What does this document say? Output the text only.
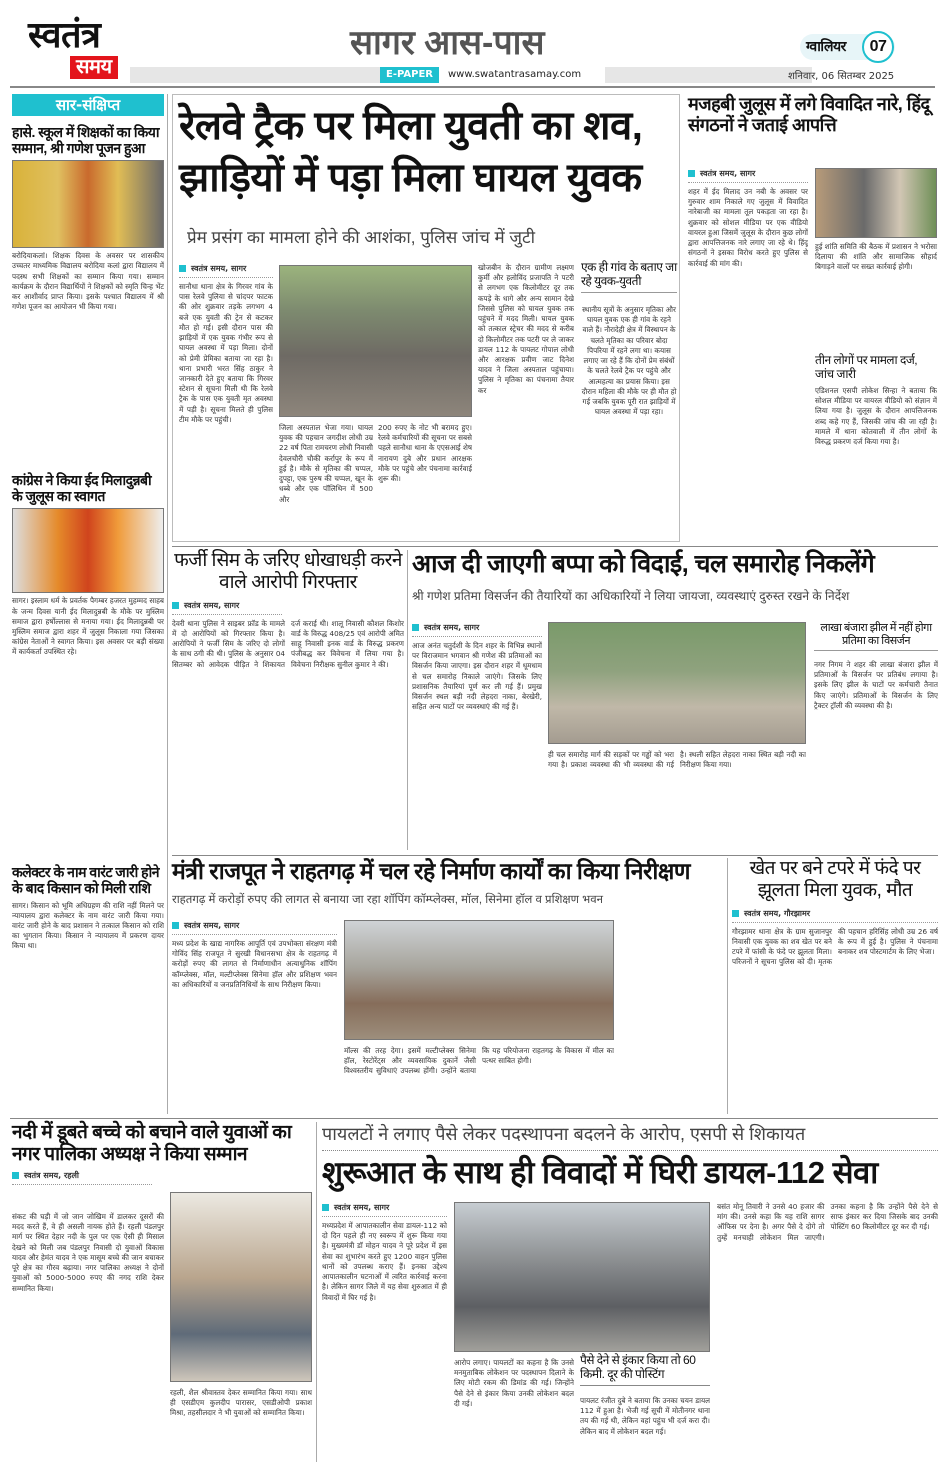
स्वतंत्र
समय
सागर आस-पास
E-PAPER	www.swatantrasamay.com
ग्वालियर	07
शनिवार, 06 सितम्बर 2025
सार-संक्षिप्त
हासे. स्कूल में शिक्षकों का किया सम्मान, श्री गणेश पूजन हुआ
बरोदियाकलां। शिक्षक दिवस के अवसर पर शासकीय उच्चतर माध्यमिक विद्यालय बरोदिया कलां द्वारा विद्यालय में पदस्थ सभी शिक्षकों का सम्मान किया गया। सम्मान कार्यक्रम के दौरान विद्यार्थियों ने शिक्षकों को स्मृति चिन्ह भेंट कर आशीर्वाद प्राप्त किया। इसके पश्चात विद्यालय में श्री गणेश पूजन का आयोजन भी किया गया।
कांग्रेस ने किया ईद मिलादुन्नबी के जुलूस का स्वागत
सागर। इस्लाम धर्म के प्रवर्तक पैगम्बर हजरत मुहम्मद साहब के जन्म दिवस यानी ईद मिलादुन्नबी के मौके पर मुस्लिम समाज द्वारा हर्षोल्लास से मनाया गया। ईद मिलादुन्नबी पर मुस्लिम समाज द्वारा शहर में जुलूस निकाला गया जिसका कांग्रेस नेताओं ने स्वागत किया। इस अवसर पर बड़ी संख्या में कार्यकर्ता उपस्थित रहे।
कलेक्टर के नाम वारंट जारी होने के बाद किसान को मिली राशि
सागर। किसान को भूमि अधिग्रहण की राशि नहीं मिलने पर न्यायालय द्वारा कलेक्टर के नाम वारंट जारी किया गया। वारंट जारी होने के बाद प्रशासन ने तत्काल किसान को राशि का भुगतान किया। किसान ने न्यायालय में प्रकरण दायर किया था।
रेलवे ट्रैक पर मिला युवती का शव,
झाड़ियों में पड़ा मिला घायल युवक
प्रेम प्रसंग का मामला होने की आशंका, पुलिस जांच में जुटी
स्वतंत्र समय, सागर
सानौधा थाना क्षेत्र के गिरवर गांव के पास रेलवे पुलिया से चांदपर फाटक की ओर शुक्रवार तड़के लगभग 4 बजे एक युवती की ट्रेन से कटकर मौत हो गई। इसी दौरान पास की झाड़ियों में एक युवक गंभीर रूप से घायल अवस्था में पड़ा मिला। दोनों को प्रेमी प्रेमिका बताया जा रहा है। थाना प्रभारी भरत सिंह ठाकुर ने जानकारी देते हुए बताया कि गिरवर स्टेशन से सूचना मिली थी कि रेलवे ट्रैक के पास एक युवती मृत अवस्था में पड़ी है। सूचना मिलते ही पुलिस टीम मौके पर पहुंची।
जिला अस्पताल भेजा गया। घायल युवक की पहचान जगदीश लोधी उम्र 22 वर्ष पिता रामचरण लोधी निवासी देवलचौरी चौकी कर्रापुर के रूप में हुई है। मौके से मृतिका की चप्पल, दुपट्टा, एक पुरुष की चप्पल, खून के धब्बे और एक पॉलिथिन में 500 और
200 रुपए के नोट भी बरामद हुए। रेलवे कर्मचारियों की सूचना पर सबसे पहले सानौधा थाना के एएसआई शेष नारायण दुबे और प्रधान आरक्षक मौके पर पहुंचे और पंचनामा कार्रवाई शुरू की।
खोजबीन के दौरान ग्रामीण लक्ष्मण कुर्मी और हलोविंद प्रजापति ने पटरी से लगभग एक किलोमीटर दूर तक कपड़े के धागे और अन्य सामान देखे जिससे पुलिस को घायल युवक तक पहुंचने में मदद मिली। घायल युवक को तत्काल स्ट्रेचर की मदद से करीब दो किलोमीटर तक पटरी पर ले जाकर डायल 112 के पायलट गोपाल लोधी और आरक्षक प्रवीण जाट दिनेश यादव ने जिला अस्पताल पहुंचाया। पुलिस ने मृतिका का पंचनामा तैयार कर
एक ही गांव के बताए जा रहे युवक-युवती
स्थानीय सूत्रों के अनुसार मृतिका और घायल युवक एक ही गांव के रहने वाले हैं। नौरादेही क्षेत्र में विस्थापन के चलते मृतिका का परिवार बोदा पिपरिया में रहने लगा था। कयास लगाए जा रहे हैं कि दोनों प्रेम संबंधों के चलते रेलवे ट्रैक पर पहुंचे और आत्महत्या का प्रयास किया। इस दौरान महिला की मौके पर ही मौत हो गई जबकि युवक पूरी रात झाड़ियों में घायल अवस्था में पड़ा रहा।
मजहबी जुलूस में लगे विवादित नारे, हिंदू संगठनों ने जताई आपत्ति
स्वतंत्र समय, सागर
शहर में ईद मिलाद उन नबी के अवसर पर गुरुवार शाम निकाले गए जुलूस में विवादित नारेबाजी का मामला तूल पकड़ता जा रहा है। शुक्रवार को सोशल मीडिया पर एक वीडियो वायरल हुआ जिसमें जुलूस के दौरान कुछ लोगों द्वारा आपत्तिजनक नारे लगाए जा रहे थे। हिंदू संगठनों ने इसका विरोध करते हुए पुलिस से कार्रवाई की मांग की।
हुई शांति समिति की बैठक में प्रशासन ने भरोसा दिलाया की शांति और सामाजिक सौहार्द बिगाड़ने वालों पर सख्त कार्रवाई होगी।
तीन लोगों पर मामला दर्ज, जांच जारी
एडिशनल एसपी लोकेश सिन्हा ने बताया कि सोशल मीडिया पर वायरल वीडियो को संज्ञान में लिया गया है। जुलूस के दौरान आपत्तिजनक शब्द कहे गए हैं, जिसकी जांच की जा रही है। मामले में थाना कोतवाली में तीन लोगों के विरुद्ध प्रकरण दर्ज किया गया है।
फर्जी सिम के जरिए धोखाधड़ी करने वाले आरोपी गिरफ्तार
स्वतंत्र समय, सागर
देवरी थाना पुलिस ने साइबर फ्रॉड के मामले में दो आरोपियों को गिरफ्तार किया है। आरोपियों ने फर्जी सिम के जरिए दो लोगों के साथ ठगी की थी। पुलिस के अनुसार 04 सितम्बर को आवेदक पीड़ित ने शिकायत दर्ज कराई थी। शालू निवासी कौशल किशोर वार्ड के विरुद्ध 408/25 एवं आरोपी अमित साहू निवासी इनक वार्ड के विरुद्ध प्रकरण पंजीबद्ध कर विवेचना में लिया गया है। विवेचना निरीक्षक सुनील कुमार ने की।
आज दी जाएगी बप्पा को विदाई, चल समारोह निकलेंगे
श्री गणेश प्रतिमा विसर्जन की तैयारियों का अधिकारियों ने लिया जायजा, व्यवस्थाएं दुरुस्त रखने के निर्देश
स्वतंत्र समय, सागर
आज अनंत चतुर्दशी के दिन शहर के विभिन्न स्थानों पर विराजमान भगवान श्री गणेश की प्रतिमाओं का विसर्जन किया जाएगा। इस दौरान शहर में धूमधाम से चल समारोह निकाले जाएंगे। जिसके लिए प्रशासनिक तैयारियां पूर्ण कर ली गई हैं। प्रमुख विसर्जन स्थल बड़ी नदी लेहदरा नाका, बेरखेरी, सहित अन्य घाटों पर व्यवस्थाएं की गई हैं।
ही चल समारोह मार्ग की सड़कों पर गड्ढों को भरा गया है। प्रकाश व्यवस्था की भी व्यवस्था की गई है। स्थली सहित लेहदरा नाका स्थित बड़ी नदी का निरीक्षण किया गया।
लाखा बंजारा झील में नहीं होगा प्रतिमा का विसर्जन
नगर निगम ने शहर की लाखा बंजारा झील में प्रतिमाओं के विसर्जन पर प्रतिबंध लगाया है। इसके लिए झील के घाटों पर कर्मचारी तैनात किए जाएंगे। प्रतिमाओं के विसर्जन के लिए ट्रैक्टर ट्रॉली की व्यवस्था की है।
मंत्री राजपूत ने राहतगढ़ में चल रहे निर्माण कार्यों का किया निरीक्षण
राहतगढ़ में करोड़ों रुपए की लागत से बनाया जा रहा शॉपिंग कॉम्प्लेक्स, मॉल, सिनेमा हॉल व प्रशिक्षण भवन
स्वतंत्र समय, सागर
मध्य प्रदेश के खाद्य नागरिक आपूर्ति एवं उपभोक्ता संरक्षण मंत्री गोविंद सिंह राजपूत ने सुरखी विधानसभा क्षेत्र के राहतगढ़ में करोड़ों रुपए की लागत से निर्माणाधीन अत्याधुनिक शॉपिंग कॉम्प्लेक्स, मॉल, मल्टीप्लेक्स सिनेमा हॉल और प्रशिक्षण भवन का अधिकारियों व जनप्रतिनिधियों के साथ निरीक्षण किया।
मॉल्स की तरह देगा। इसमें मल्टीप्लेक्स सिनेमा हॉल, रेस्टोरेंट्स और व्यवसायिक दुकानें जैसी विश्वस्तरीय सुविधाएं उपलब्ध होंगी। उन्होंने बताया कि यह परियोजना राहतगढ़ के विकास में मील का पत्थर साबित होगी।
खेत पर बने टपरे में फंदे पर झूलता मिला युवक, मौत
स्वतंत्र समय, गौरझामर
गौरझामर थाना क्षेत्र के ग्राम सुजानपुर निवासी एक युवक का शव खेत पर बने टपरे में फांसी के फंदे पर झूलता मिला। परिजनों ने सूचना पुलिस को दी। मृतक की पहचान हरिसिंह लोधी उम्र 26 वर्ष के रूप में हुई है। पुलिस ने पंचनामा बनाकर शव पोस्टमार्टम के लिए भेजा।
नदी में डूबते बच्चे को बचाने वाले युवाओं का नगर पालिका अध्यक्ष ने किया सम्मान
स्वतंत्र समय, रहली
संकट की घड़ी में जो जान जोखिम में डालकर दूसरों की मदद करते हैं, वे ही असली नायक होते हैं। रहली पंडलपुर मार्ग पर स्थित देहार नदी के पुल पर एक ऐसी ही मिसाल देखने को मिली जब पंडलपुर निवासी दो युवाओं विकास यादव और हेमंत यादव ने एक मासूम बच्चे की जान बचाकर पूरे क्षेत्र का गौरव बढ़ाया। नगर पालिका अध्यक्ष ने दोनों युवाओं को 5000-5000 रुपए की नगद राशि देकर सम्मानित किया।
रहली, शैल श्रीवास्तव देकर सम्मानित किया गया। साथ ही एसडीएम कुलदीप पारासर, एसडीओपी प्रकाश मिश्रा, तहसीलदार ने भी युवाओं को सम्मानित किया।
पायलटों ने लगाए पैसे लेकर पदस्थापना बदलने के आरोप, एसपी से शिकायत
शुरूआत के साथ ही विवादों में घिरी डायल-112 सेवा
स्वतंत्र समय, सागर
मध्यप्रदेश में आपातकालीन सेवा डायल-112 को दो दिन पहले ही नए स्वरूप में शुरू किया गया है। मुख्यमंत्री डॉ मोहन यादव ने पूरे प्रदेश में इस सेवा का शुभारंभ करते हुए 1200 वाहन पुलिस थानों को उपलब्ध कराए हैं। इनका उद्देश्य आपातकालीन घटनाओं में त्वरित कार्रवाई करना है। लेकिन सागर जिले में यह सेवा शुरुआत में ही विवादों में घिर गई है।
आरोप लगाए। पायलटों का कहना है कि उनसे मनमुताबिक लोकेशन पर पदस्थापन दिलाने के लिए मोटी रकम की डिमांड की गई। जिन्होंने पैसे देने से इंकार किया उनकी लोकेशन बदल दी गई।
पैसे देने से इंकार किया तो 60 किमी. दूर की पोस्टिंग
पायलट रंजीत दुबे ने बताया कि उनका चयन डायल 112 में हुआ है। भेजी गई सूची में मोतीनगर थाना तय की गई थी, लेकिन वहां पहुंच भी दर्ज करा दी। लेकिन बाद में लोकेशन बदल गई।
बसंत मोनू तिवारी ने उनसे 40 हजार की मांग की। उनसे कहा कि यह राशि सागर ऑफिस पर देना है। अगर पैसे दे दोगे तो तुम्हें मनचाही लोकेशन मिल जाएगी। उनका कहना है कि उन्होंने पैसे देने से साफ इंकार कर दिया जिसके बाद उनकी पोस्टिंग 60 किलोमीटर दूर कर दी गई।
